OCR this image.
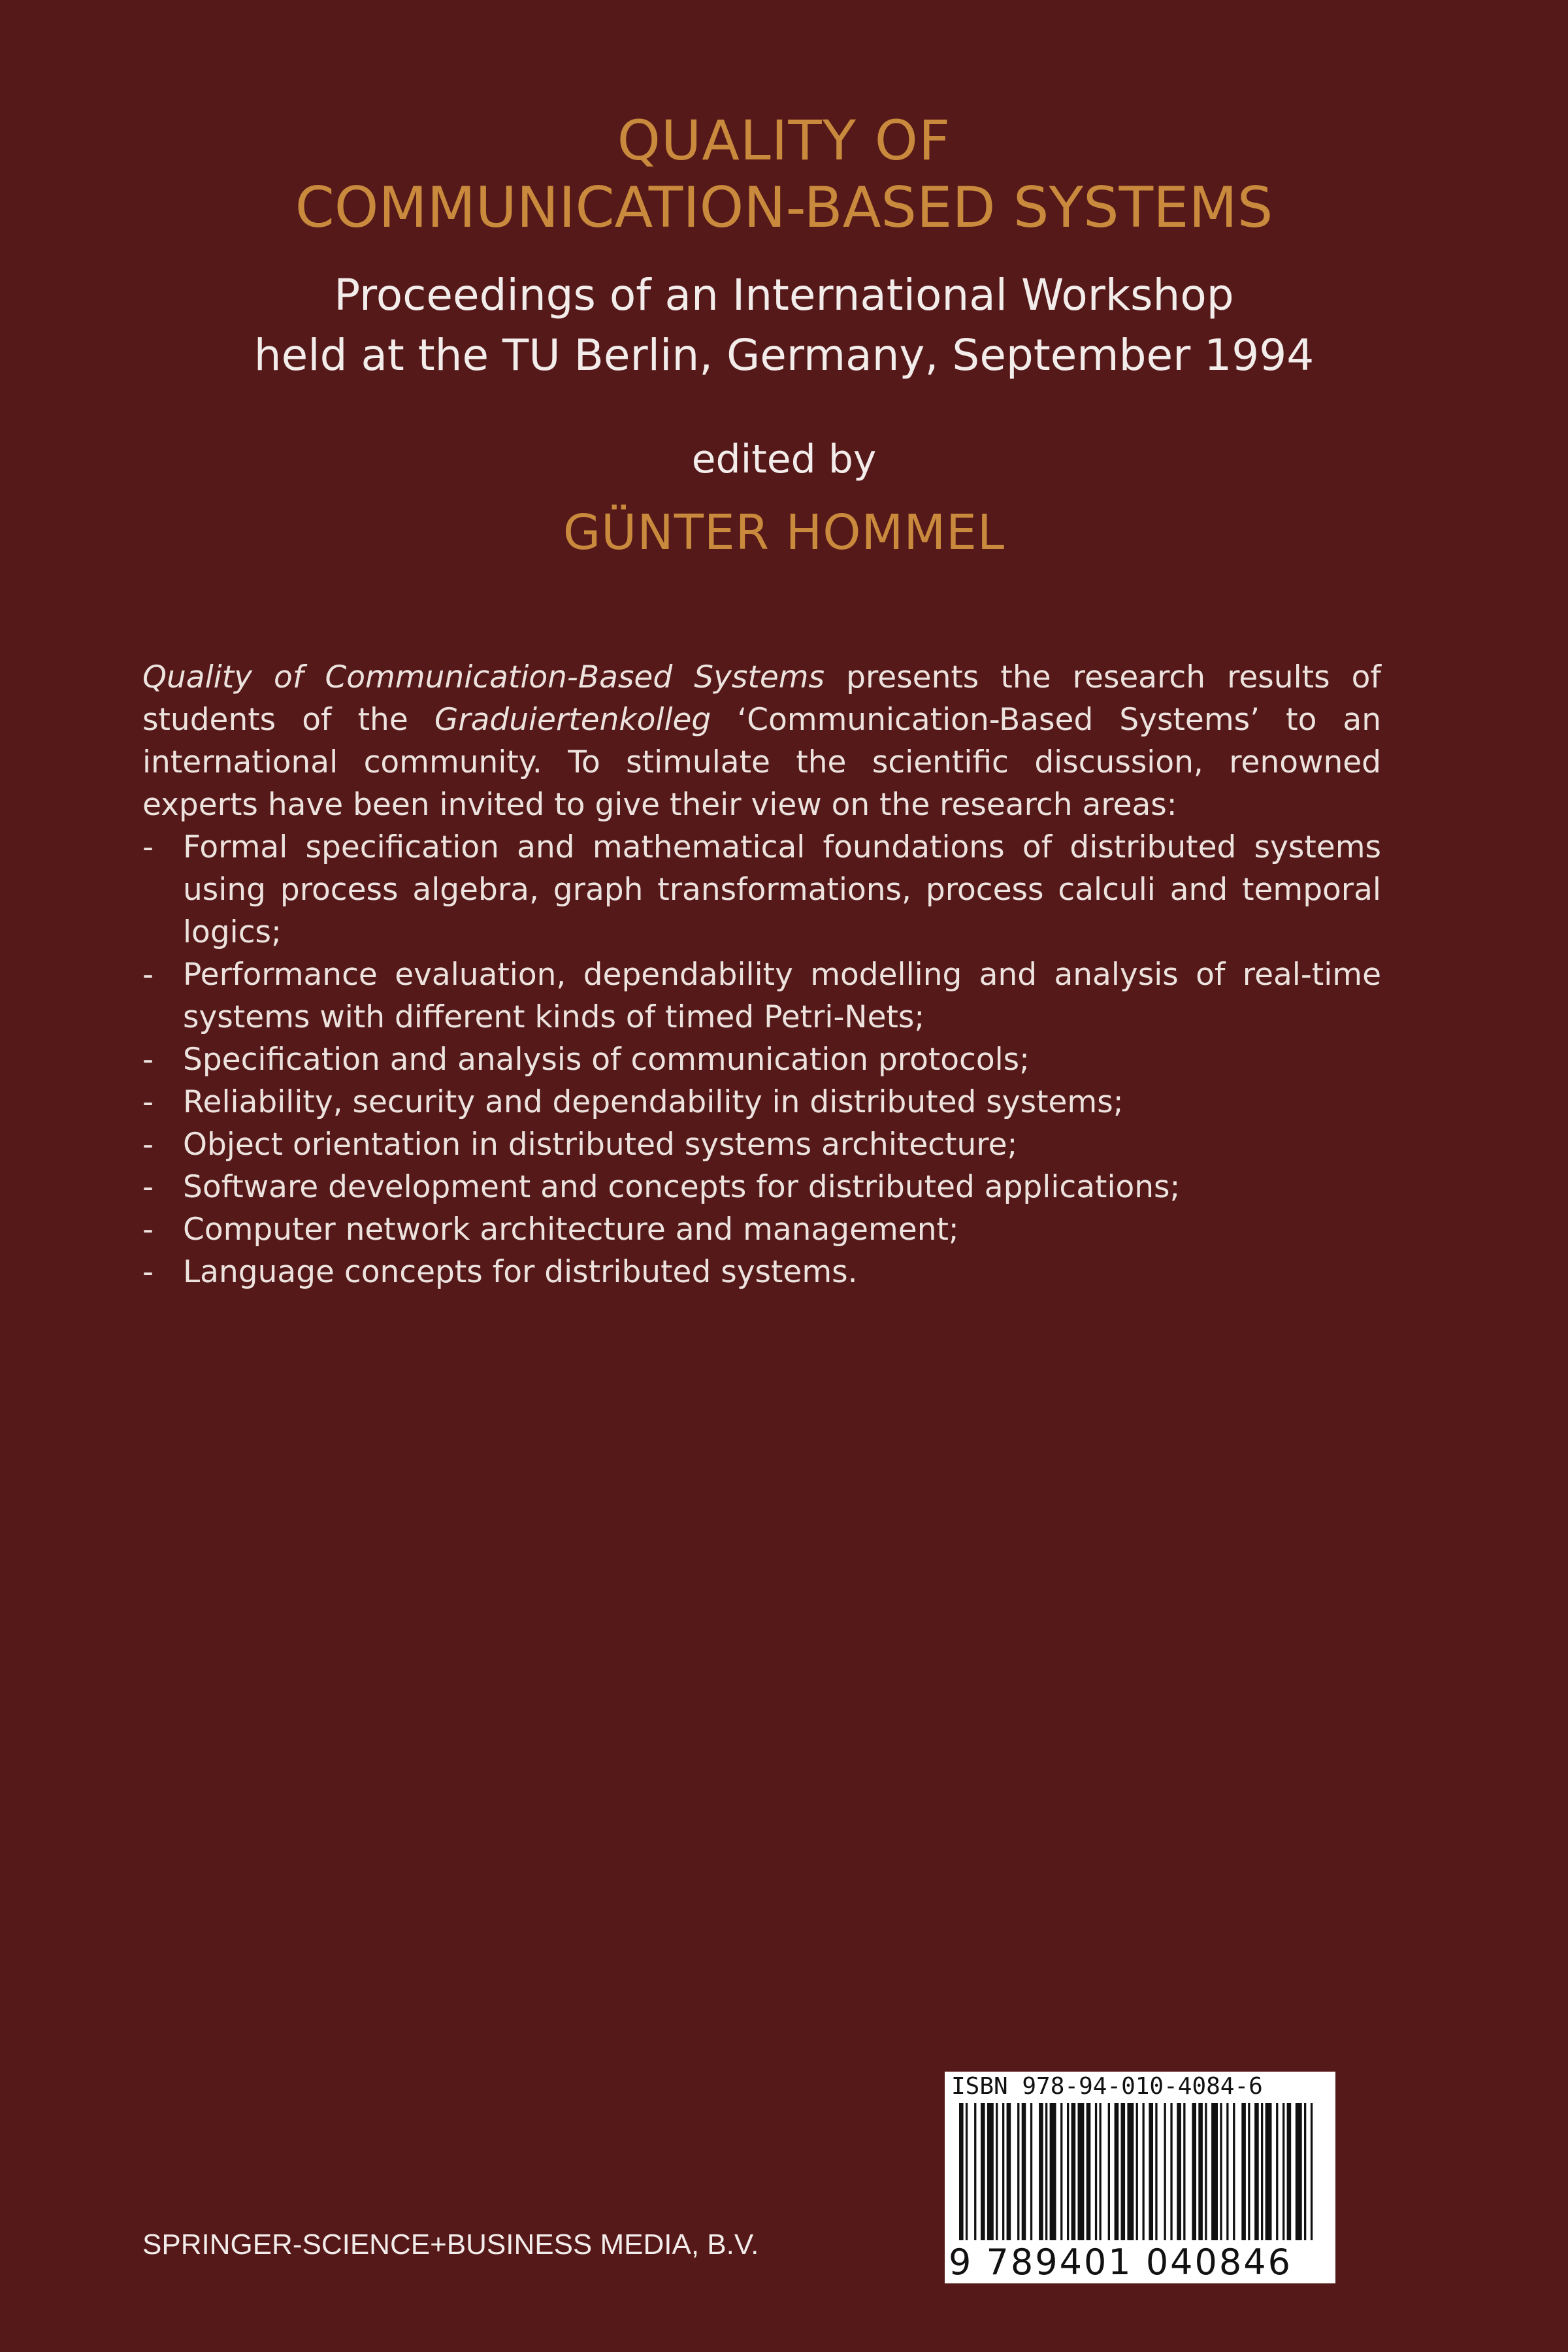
QUALITY OF
COMMUNICATION-BASED SYSTEMS
Proceedings of an International Workshop
held at the TU Berlin, Germany, September 1994
edited by
GÜNTER HOMMEL

Quality of Communication-Based Systems presents the research results of students of the Graduiertenkolleg ‘Communication-Based Systems’ to an international community. To stimulate the scientific discussion, renowned experts have been invited to give their view on the research areas:

- Formal specification and mathematical foundations of distributed systems using process algebra, graph transformations, process calculi and temporal logics;
- Performance evaluation, dependability modelling and analysis of real-time systems with different kinds of timed Petri-Nets;
- Specification and analysis of communication protocols;
- Reliability, security and dependability in distributed systems;
- Object orientation in distributed systems architecture;
- Software development and concepts for distributed applications;
- Computer network architecture and management;
- Language concepts for distributed systems.
ISBN 978-94-010-4084-6
9 789401 040846
SPRINGER-SCIENCE+BUSINESS MEDIA, B.V.
